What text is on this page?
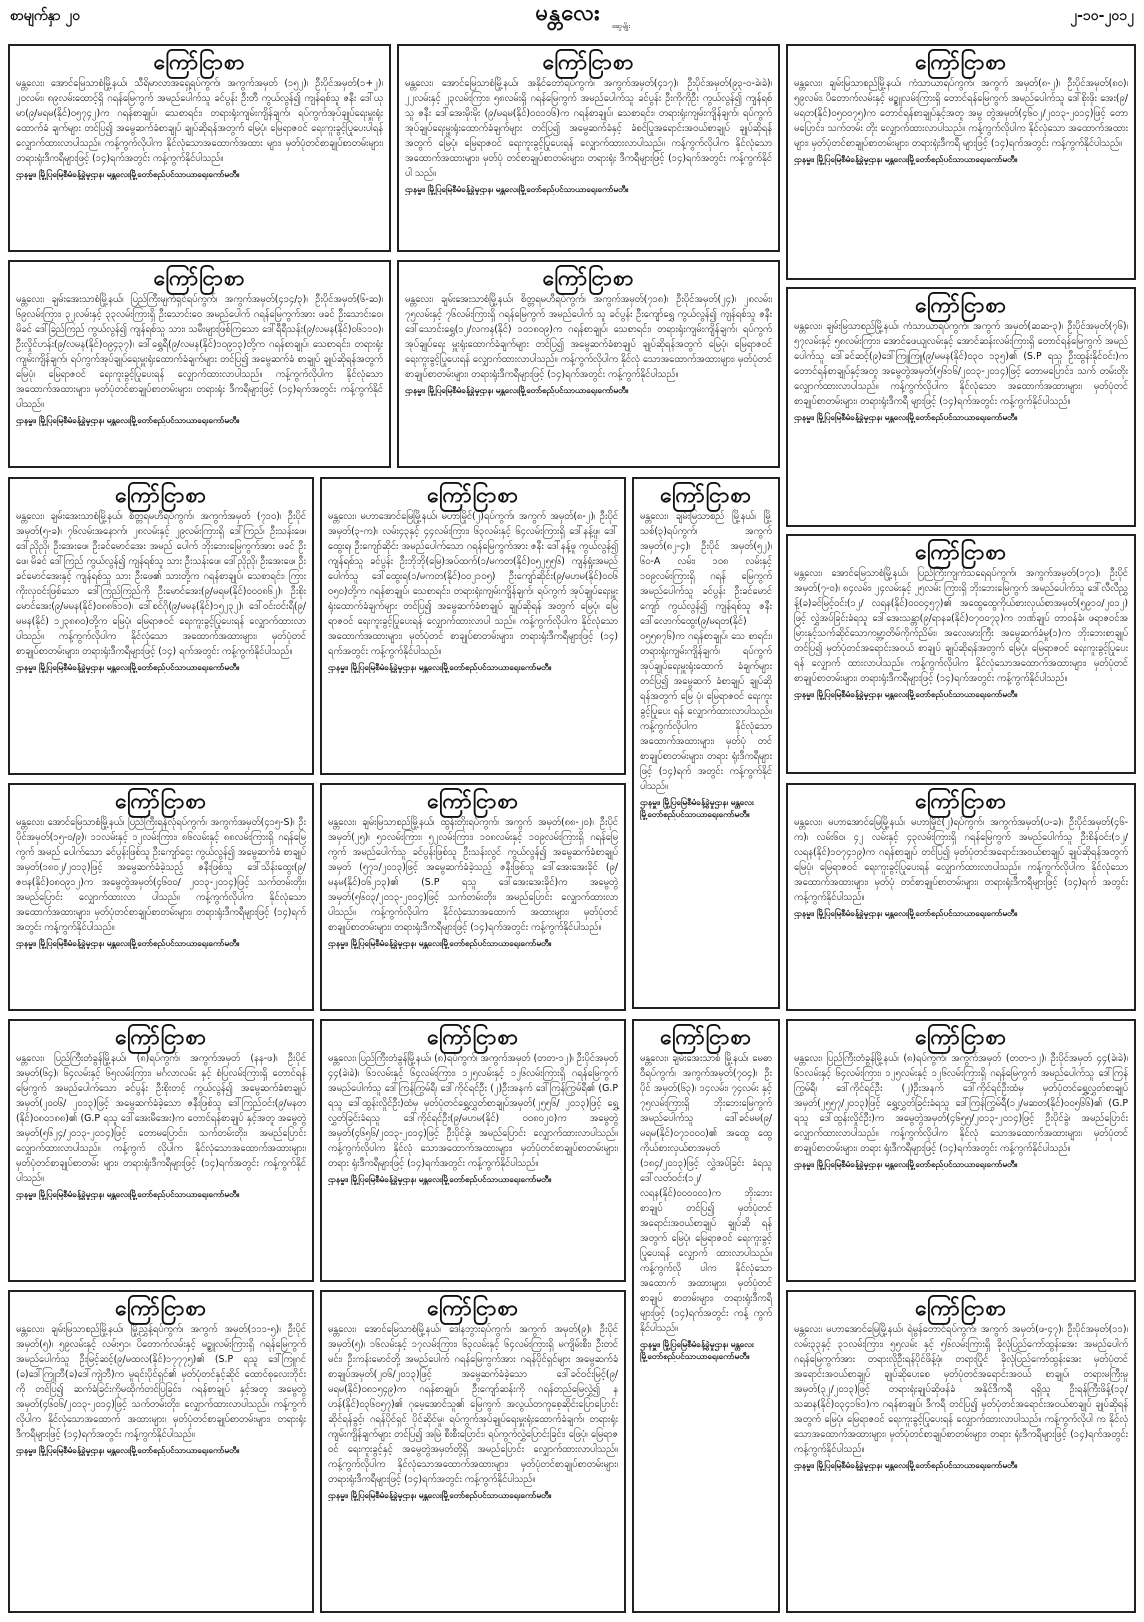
စာမျက်နှာ ၂၀	မန္တလေး	ဆွေမျိုး
၂-၁၀-၂၀၁၂
ကြော်ငြာစာ
မန္တလေး၊ အောင်မြေသာစံမြို့နယ်၊ သီရိမာလာအရှေ့ရပ်ကွက်၊ အကွက်အမှတ် (၁၅၂)၊ ဦးပိုင်အမှတ်(၁+၂)၊ ၂၀လမ်း၊ ၈၉လမ်းထောင့်ရှိ ဂရန်မြေကွက် အမည်ပေါက်သူ ခင်ပွန်း ဦးတီ ကွယ်လွန်၍ ကျန်ရစ်သူ ဇနီး ဒေါ်ယုမာ(၉/မရမ(နိုင်)၀၅၇၄၂)က ဂရန်စာချုပ်၊ သေစာရင်း၊ တရားရုံးကျမ်းကျိန်ချက်၊ ရပ်ကွက်အုပ်ချုပ်ရေးမှူးရုံးထောက်ခံ ချက်များ တင်ပြ၍ အမွေဆက်ခံစာချုပ် ချုပ်ဆိုရန်အတွက် မြေပုံ၊ မြေရာဇဝင် ရေးကူးခွင့်ပြုပေးပါရန် လျှောက်ထားလာပါသည်။ ကန့်ကွက်လိုပါက နိုင်လုံသောအထောက်အထား များ၊ မှတ်ပုံတင်စာချုပ်စာတမ်းများ၊ တရားရုံးဒီကရီများဖြင့် (၁၄)ရက်အတွင်း ကန့်ကွက်နိုင်ပါသည်။
ဌာနမှူး၊ မြို့ပြမြေစီမံခန့်ခွဲမှုဌာန၊ မန္တလေးမြို့တော်စည်ပင်သာယာရေးကော်မတီ။
ကြော်ငြာစာ
မန္တလေး၊ အောင်မြေသာစံမြို့နယ်၊ အနိုင်တော်ရပ်ကွက်၊ အကွက်အမှတ်(၄၁၇)၊ ဦးပိုင်အမှတ်(၉၃-ဝ-ခဲ၊ခဲ)၊ ၂၂လမ်းနှင့် ၂၃လမ်းကြား၊ ၅၈လမ်းရှိ ဂရန်မြေကွက် အမည်ပေါက်သူ ခင်ပွန်း ဦးကိုကိုဦး ကွယ်လွန်၍ ကျန်ရစ်သူ ဇနီး ဒေါ်အေးမိုးမိုး (၉/မရမ(နိုင်)၀၀၁၀၆)က ဂရန်စာချုပ်၊ သေစာရင်း၊ တရားရုံးကျမ်းကျိန်ချက်၊ ရပ်ကွက်အုပ်ချုပ်ရေးမှူးရုံးထောက်ခံချက်များ တင်ပြ၍ အမွေဆက်ခံနှင့် ခံစင်ပြုအရောင်းအဝယ်စာချုပ် ချုပ်ဆိုရန်အတွက် မြေပုံ၊ မြေရာဇဝင် ရေးကူးခွင့်ပြုပေးရန် လျှောက်ထားလာပါသည်။ ကန့်ကွက်လိုပါက နိုင်လုံသောအထောက်အထားများ၊ မှတ်ပုံ တင်စာချုပ်စာတမ်းများ၊ တရားရုံး ဒီကရီများဖြင့် (၁၄)ရက်အတွင်း ကန့်ကွက်နိုင်ပါ သည်။
ဌာနမှူး၊ မြို့ပြမြေစီမံခန့်ခွဲမှုဌာန၊ မန္တလေးမြို့တော်စည်ပင်သာယာရေးကော်မတီ။
ကြော်ငြာစာ
မန္တလေး၊ ချမ်းမြသာစည်မြို့နယ်၊ ကံသာယာရပ်ကွက်၊ အကွက် အမှတ်(၈-၂)၊ ဦးပိုင်အမှတ်(၈၀)၊ ၅၉လမ်း၊ ပိတောက်လမ်းနှင့် မဥ္စူလမ်းကြားရှိ တောင်ရန်မြေကွက် အမည်ပေါက်သူ ဒေါ်စိုးဖိုး အေး(၉/မရတ(နိုင်)၀၅၀၀၇၅)က တောင်ရန်စာချုပ်နှင့်အတူ အမွ တွဲအမှတ်(၄၆၀၂/၂၀၁၃-၂၀၁၄)ဖြင့် တောမပြောင်း၊ သက်တမ်း တိုး လျှောက်ထားလာပါသည်။ ကန့်ကွက်လိုပါက နိုင်လုံသော အထောက်အထားများ၊ မှတ်ပုံတင်စာချုပ်စာတမ်းများ၊ တရားရုံးဒီကရီ များဖြင့် (၁၄)ရက်အတွင်း ကန့်ကွက်နိုင်ပါသည်။
ဌာနမှူး၊ မြို့ပြမြေစီမံခန့်ခွဲမှုဌာန၊ မန္တလေးမြို့တော်စည်ပင်သာယာရေးကော်မတီ။
ကြော်ငြာစာ
မန္တလေး၊ ချမ်းအေးသာစံမြို့နယ်၊ ပြည်ကြီးမျက်ရှင်ရပ်ကွက်၊ အကွက်အမှတ်(၄၁၄/၃)၊ ဦးပိုင်အမှတ်(၆-ဆ)၊ ၆၉လမ်းကြား၊ ၃၂လမ်းနှင့် ၃၃လမ်းကြားရှိ ဦးသောင်းဝေ အမည်ပေါက် ဂရန်မြေကွက်အား ဖခင် ဦးသောင်းဝေ၊ မိခင် ဒေါ်ခြည်ကြည် ကွယ်လွန်၍ ကျန်ရစ်သူ သား၊ သမီးများဖြစ်ကြသော ဒေါ်ရီရီသန်း(၉/လမန(နိုင်)၀၆၁၁၀)၊ ဦးလှိုင်ဟန်း(၉/လမန(နိုင်)၀၉၄၃၇)၊ ဒေါ်ရွှေရီ(၉/လမန(နိုင်)၁၀၉၁၃)တို့က ဂရန်စာချုပ်၊ သေစာရင်း၊ တရားရုံးကျမ်းကျိန်ချက်၊ ရပ်ကွက်အုပ်ချုပ်ရေးမှူးရုံးထောက်ခံချက်များ တင်ပြ၍ အမွေဆက်ခံ စာချုပ် ချုပ်ဆိုရန်အတွက် မြေပုံ၊ မြေရာဇဝင် ရေးကူးခွင့်ပြုပေးရန် လျှောက်ထားလာပါသည်။ ကန့်ကွက်လိုပါက နိုင်လုံသောအထောက်အထားများ၊ မှတ်ပုံတင်စာချုပ်စာတမ်းများ၊ တရားရုံး ဒီကရီများဖြင့် (၁၄)ရက်အတွင်း ကန့်ကွက်နိုင်ပါသည်။
ဌာနမှူး၊ မြို့ပြမြေစီမံခန့်ခွဲမှုဌာန၊ မန္တလေးမြို့တော်စည်ပင်သာယာရေးကော်မတီ။
ကြော်ငြာစာ
မန္တလေး၊ ချမ်းအေးသာစံမြို့နယ်၊ စိတ္တရမဟီရပ်ကွက်၊ အကွက်အမှတ်(၇၁၈)၊ ဦးပိုင်အမှတ်(၂၄)၊ ၂၈လမ်း၊ ၇၅လမ်းနှင့် ၇၆လမ်းကြားရှိ ဂရန်မြေကွက် အမည်ပေါက် သူ ခင်ပွန်း ဦးကျော်ရွှေ ကွယ်လွန်၍ ကျန်ရစ်သူ ဇနီး ဒေါ်သောင်းရွှေ(၁၂/လကန(နိုင်) ၁၀၁၈၀၉)က ဂရန်စာချုပ်၊ သေစာရင်း၊ တရားရုံးကျမ်းကျိန်ချက်၊ ရပ်ကွက်အုပ်ချုပ်ရေး မှူးရုံးထောက်ခံချက်များ တင်ပြ၍ အမွေဆက်ခံစာချုပ် ချုပ်ဆိုရန်အတွက် မြေပုံ၊ မြေရာဇဝင် ရေးကူးခွင့်ပြုပေးရန် လျှောက်ထားလာပါသည်။ ကန့်ကွက်လိုပါက နိုင်လုံ သောအထောက်အထားများ၊ မှတ်ပုံတင်စာချုပ်စာတမ်းများ၊ တရားရုံးဒီကရီများဖြင့် (၁၄)ရက်အတွင်း ကန့်ကွက်နိုင်ပါသည်။
ဌာနမှူး၊ မြို့ပြမြေစီမံခန့်ခွဲမှုဌာန၊ မန္တလေးမြို့တော်စည်ပင်သာယာရေးကော်မတီ။
ကြော်ငြာစာ
မန္တလေး၊ ချမ်းမြသာစည်မြို့နယ်၊ ကံသာယာရပ်ကွက်၊ အကွက် အမှတ်(ဆဆ-၃)၊ ဦးပိုင်အမှတ်(၇၆)၊ ၅၇လမ်းနှင့် ၅၈လမ်းကြား၊ အောင်ဖေယျလမ်းနှင့် အောင်ဆန်းလမ်းကြားရှိ တောင်ရန်မြေကွက် အမည်ပေါက်သူ ဒေါ်ခင်ဆင့်(၉)ဒေါ်ကြူကြူ(၉/မမန(နိုင်)၀၃၀ ၁၃၅)၏ (S.P ရသူ ဦးထွန်းနိုင်ဝင်း)က တောင်ရန်စာချုပ်နှင့်အတူ အမွေတွဲအမှတ်(၅၆၁၆/၂၀၁၃-၂၀၁၄)ဖြင့် တောမပြောင်း၊ သက် တမ်းတိုး လျှောက်ထားလာပါသည်။ ကန့်ကွက်လိုပါက နိုင်လုံသော အထောက်အထားများ၊ မှတ်ပုံတင်စာချုပ်စာတမ်းများ၊ တရားရုံးဒီကရီ များဖြင့် (၁၄)ရက်အတွင်း ကန့်ကွက်နိုင်ပါသည်။
ဌာနမှူး၊ မြို့ပြမြေစီမံခန့်ခွဲမှုဌာန၊ မန္တလေးမြို့တော်စည်ပင်သာယာရေးကော်မတီ။
ကြော်ငြာစာ
မန္တလေး၊ ချမ်းအေးသာစံမြို့နယ်၊ စိတ္တရမဟီရပ်ကွက်၊ အကွက်အမှတ် (၇၁၀)၊ ဦးပိုင်အမှတ်(၅-ခ)၊ ၇၆လမ်းအနောက်၊ ၂၈လမ်းနှင့် ၂၉လမ်းကြားရှိ ဒေါ်ကြည်၊ ဦးသန်းဖေ၊ ဒေါ်ညိုညို၊ ဦးအေးဖေ၊ ဦးခင်မောင်အေး အမည် ပေါက် ဘိုးဘေးမြေကွက်အား ဖခင် ဦးဖေ၊ မိခင် ဒေါ်ကြည် ကွယ်လွန်၍ ကျန်ရစ်သူ သား ဦးသန်းဖေ၊ ဒေါ်ညိုညို၊ ဦးအေးဖေ၊ ဦးခင်မောင်အေးနှင့် ကျန်ရစ်သူ သား ဦးဖေ၏ သားတို့က ဂရန်စာချုပ်၊ သေစာရင်း၊ ကြားကိုးလှဝင်းဖြစ်သော ဒေါ်ကြည်ကြည်ကို ဦးမောင်အေး(၉/မရမ(နိုင်)၀၀၀၈၆၂)၊ ဦးစိုးမောင်အေး(၉/မမန(နိုင်)၀၈၈၆၁၀)၊ ဒေါ်စင်ဂို(၉/မမန(နိုင်)၁၅၂၃၂)၊ ဒေါ်ဝင်းဝင်းရီ(၉/မမန(နိုင်) ၁၂၃၈၈၀)တို့က မြေပုံ၊ မြေရာဇဝင် ရေးကူးခွင့်ပြုပေးရန် လျှောက်ထားလာပါသည်။ ကန့်ကွက်လိုပါက နိုင်လုံသော အထောက်အထားများ၊ မှတ်ပုံတင်စာချုပ်စာတမ်းများ၊ တရားရုံးဒီကရီများဖြင့် (၁၄) ရက်အတွင်း ကန့်ကွက်နိုင်ပါသည်။
ဌာနမှူး၊ မြို့ပြမြေစီမံခန့်ခွဲမှုဌာန၊ မန္တလေးမြို့တော်စည်ပင်သာယာရေးကော်မတီ။
ကြော်ငြာစာ
မန္တလေး၊ မဟာအောင်မြေမြို့နယ်၊ မဟာမြိုင်(၂)ရပ်ကွက်၊ အကွက် အမှတ်(၈-၂)၊ ဦးပိုင်အမှတ်(၃-က)၊ လမ်း၄၃နှင့် ၄၄လမ်းကြား၊ ၆၃လမ်းနှင့် ၆၄လမ်းကြားရှိ ဒေါ်နန့်ဖူ၊ ဒေါ်ထွေးရ၊ ဦးကျော်ဆိုင်း အမည်ပေါက်သော ဂရန်မြေကွက်အား ဇနီး ဒေါ်နန့်ဖူ ကွယ်လွန်၍ ကျန်ရစ်သူ ခင်ပွန်း ဦးဘိုဘို(မြေ)အပ်ထက်(၁/မကတ(နိုင်)၀၅၂၅၅၆) ကျန်ရှုံးအမည်ပေါက်သူ ဒေါ်ထွေးရ(၁/မကတ(နိုင်)၀၀၂၁၀၅) ဦးကျော်ဆိုင်း(၉/မဟမ(နိုင်)၀၀၆ ၀၅၀)တို့က ဂရန်စာချုပ်၊ သေစာရင်း၊ တရားရုံးကျမ်းကျိန်ချက်၊ ရပ်ကွက် အုပ်ချုပ်ရေးမှူးရုံးထောက်ခံချက်များ တင်ပြ၍ အမွေဆက်ခံစာချုပ် ချုပ်ဆိုရန် အတွက် မြေပုံ၊ မြေ ရာဇဝင် ရေးကူးခွင့်ပြုပေးရန် လျှောက်ထားလာပါ သည်။ ကန့်ကွက်လိုပါက နိုင်လုံသောအထောက်အထားများ၊ မှတ်ပုံတင် စာချုပ်စာတမ်းများ၊ တရားရုံးဒီကရီများဖြင့် (၁၄) ရက်အတွင်း ကန့်ကွက်နိုင်ပါသည်။
ဌာနမှူး၊ မြို့ပြမြေစီမံခန့်ခွဲမှုဌာန၊ မန္တလေးမြို့တော်စည်ပင်သာယာရေးကော်မတီ။
ကြော်ငြာစာ
မန္တလေး၊ ချမ်းမြသာစည် မြို့နယ်၊ မြို့သစ်(၃)ရပ်ကွက်၊ အကွက်အမှတ်(၈၂-၄)၊ ဦးပိုင် အမှတ်(၅၂)၊ ၆၀-A လမ်း၊ ၁၀၈ လမ်းနှင့် ၁၀၉လမ်းကြားရှိ ဂရန် မြေကွက် အမည်ပေါက်သူ ခင်ပွန်း ဦးခင်မောင်ကျော် ကွယ်လွန်၍ ကျန်ရစ်သူ ဇနီး ဒေါ်လောက်ထွေး(၉/မရတ(နိုင်) ၀၅၅၈၇၆)က ဂရန်စာချုပ်၊ သေ စာရင်း၊ တရားရုံးကျမ်းကျိန်ချက်၊ ရပ်ကွက်အုပ်ချုပ်ရေးမှူးရုံးထောက် ခံချက်များ တင်ပြ၍ အမွေဆက် ခံစာချုပ် ချုပ်ဆိုရန်အတွက် မြေ ပုံ၊ မြေရာဇဝင် ရေးကူးခွင့်ပြုပေး ရန် လျှောက်ထားလာပါသည်။ ကန့်ကွက်လိုပါက နိုင်လုံသော အထောက်အထားများ၊ မှတ်ပုံ တင်စာချုပ်စာတမ်းများ၊ တရား ရုံးဒီကရီများဖြင့် (၁၄)ရက် အတွင်း ကန့်ကွက်နိုင်ပါသည်။
ဌာနမှူး၊ မြို့ပြမြေစီမံခန့်ခွဲမှုဌာန၊ မန္တလေးမြို့တော်စည်ပင်သာယာရေးကော်မတီ။
ကြော်ငြာစာ
မန္တလေး၊ အောင်မြေသာစံမြို့နယ်၊ ပြည်ကြီးကျက်သရေရပ်ကွက်၊ အကွက်အမှတ်(၁၇၁)၊ ဦးပိုင်အမှတ်(၇-ဝ)၊ ၈၄လမ်း၊ ၂၄လမ်းနှင့် ၂၅လမ်း ကြားရှိ ဘိုးဘေးမြေကွက် အမည်ပေါက်သူ ဒေါ်လီလီညွှန့်(ခ)ခင်မြင့်ဝင်း(၁၂/ လရန(နိုင်)၀၀၀၄၅၇)၏ အထွေထွေကိုယ်စားလှယ်စာအမှတ်(၅၉၁၀/၂၀၁၂) ဖြင့် လွှဲအပ်ခြင်းခံရသူ ဒေါ်အေးသန္တာ(၉/ရာနခ(နိုင်)၀၇၀၀၇၃)က ဘဏ်ချုပ် တာဝန်ခံ၊ ဖရာဇဝင်အမြားနှင့်သက်ဆိုင်သောကမ္ဘာ့တိမ်ကိုက်ညိမ်း၊ အလေးမားကြီး အမွေဆက်ခံမှု(၁)က ဘိုးဘေးစာချုပ် တင်ပြ၍ မှတ်ပုံတင်အရောင်းအဝယ် စာချုပ် ချုပ်ဆိုရန်အတွက် မြေပုံ၊ မြေရာဇဝင် ရေးကူးခွင့်ပြုပေးရန် လျှောက် ထားလာပါသည်။ ကန့်ကွက်လိုပါက နိုင်လုံသောအထောက်အထားများ၊ မှတ်ပုံတင်စာချုပ်စာတမ်းများ၊ တရားရုံးဒီကရီများဖြင့် (၁၄)ရက်အတွင်း ကန့်ကွက်နိုင်ပါသည်။
ဌာနမှူး၊ မြို့ပြမြေစီမံခန့်ခွဲမှုဌာန၊ မန္တလေးမြို့တော်စည်ပင်သာယာရေးကော်မတီ။
ကြော်ငြာစာ
မန္တလေး၊ အောင်မြေသာစံမြို့နယ်၊ ပြည်ကြီးရန်လုံရပ်ကွက်၊ အကွက်အမှတ်(၄၁၅-S)၊ ဦးပိုင်အမှတ်(၁၅-ဝ/၉)၊ ၁၁လမ်းနှင့် ၁၂လမ်းကြား၊ ၈၆လမ်းနှင့် ၈၈လမ်းကြားရှိ ဂရန်မြေကွက် အမည် ပေါက်သော ခင်ပွန်းဖြစ်သူ ဦးကျော်ငွေး ကွယ်လွန်၍ အမွေဆက်ခံ စာချုပ်အမှတ်(၁၈၀၂/၂၀၁၃)ဖြင့် အမွေဆက်ခံခဲ့သည့် ဇနီးဖြစ်သူ ဒေါ်သိန်းထွေး(၉/ဇဗန(နိုင်)၀၈၀၉၁၂)က အမွေတွဲအမှတ်(၄၆၀၀/ ၂၀၁၃-၂၀၁၄)ဖြင့် သက်တမ်းတိုး၊ အမည်ပြောင်း လျှောက်ထားလာ ပါသည်။ ကန့်ကွက်လိုပါက နိုင်လုံသောအထောက်အထားများ၊ မှတ်ပုံတင်စာချုပ်စာတမ်းများ၊ တရားရုံးဒီကရီများဖြင့် (၁၄)ရက်အတွင်း ကန့်ကွက်နိုင်ပါသည်။
ဌာနမှူး၊ မြို့ပြမြေစီမံခန့်ခွဲမှုဌာန၊ မန္တလေးမြို့တော်စည်ပင်သာယာရေးကော်မတီ။
ကြော်ငြာစာ
မန္တလေး၊ ချမ်းမြသာစည်မြို့နယ်၊ ထွန်းတိုးရပ်ကွက်၊ အကွက် အမှတ်(၈၈-၂၀)၊ ဦးပိုင်အမှတ်(၂၅)၊ ၅၁လမ်းကြား၊ ၅၂လမ်းကြား၊ ၁၀၈လမ်းနှင့် ၁၀၉လမ်းကြားရှိ ဂရန်မြေကွက် အမည်ပေါက်သူ ခင်ပွန်းဖြစ်သူ ဦးသန်းလွင် ကွယ်လွန်၍ အမွေဆက်ခံစာချုပ်အမှတ် (၅၇၁/၂၀၁၃)ဖြင့် အမွေဆက်ခံခဲ့သည့် ဇနီးဖြစ်သူ ဒေါ်အေးအေးခိုင် (၉/မနမ(နိုင်)၀၆၂၁၃)၏ (S.P ရသူ ဒေါ်အေးအေးခိုင်)က အမွေတွဲ အမှတ်(၅၆၀၃/၂၀၁၃-၂၀၁၄)ဖြင့် သက်တမ်းတိုး၊ အမည်ပြောင်း လျှောက်ထားလာပါသည်။ ကန့်ကွက်လိုပါက နိုင်လုံသောအထောက် အထားများ၊ မှတ်ပုံတင်စာချုပ်စာတမ်းများ၊ တရားရုံးဒီကရီများဖြင့် (၁၄)ရက်အတွင်း ကန့်ကွက်နိုင်ပါသည်။
ဌာနမှူး၊ မြို့ပြမြေစီမံခန့်ခွဲမှုဌာန၊ မန္တလေးမြို့တော်စည်ပင်သာယာရေးကော်မတီ။
ကြော်ငြာစာ
မန္တလေး၊ မဟာအောင်မြေမြို့နယ်၊ မဟာမြိုင်(၂)ရပ်ကွက်၊ အကွက်အမှတ်(ပ-ခ)၊ ဦးပိုင်အမှတ်(၄၆-က)၊ လမ်း၆၀၊ ၄၂ လမ်းနှင့် ၄၃လမ်းကြားရှိ ဂရန်မြေကွက် အမည်ပေါက်သူ ဦးစိန်ဝင်း(၁၂/လရန(နိုင်)၁၀၇၄၁၉)က ဂရန်စာချုပ် တင်ပြ၍ မှတ်ပုံတင်အရောင်းအဝယ်စာချုပ် ချုပ်ဆိုရန်အတွက် မြေပုံ၊ မြေရာဇဝင် ရေးကူးခွင့်ပြုပေးရန် လျှောက်ထားလာပါသည်။ ကန့်ကွက်လိုပါက နိုင်လုံသောအထောက်အထားများ၊ မှတ်ပုံ တင်စာချုပ်စာတမ်းများ၊ တရားရုံးဒီကရီများဖြင့် (၁၄)ရက် အတွင်း ကန့်ကွက်နိုင်ပါသည်။
ဌာနမှူး၊ မြို့ပြမြေစီမံခန့်ခွဲမှုဌာန၊ မန္တလေးမြို့တော်စည်ပင်သာယာရေးကော်မတီ။
ကြော်ငြာစာ
မန္တလေး၊ ပြည်ကြီးတံခွန်မြို့နယ်၊ (၈)ရပ်ကွက်၊ အကွက်အမှတ် (နန-ဖ)၊ ဦးပိုင်အမှတ်(၆၄)၊ ၆၄လမ်းနှင့် ၆၅လမ်းကြား၊ မင်္ဂလာလမ်း နှင့် စံပြလမ်းကြားရှိ တောင်ရန်မြေကွက် အမည်ပေါက်သော ခင်ပွန်း ဦးစိုးတင့် ကွယ်လွန်၍ အမွေဆက်ခံစာချုပ်အမှတ်(၂၀၀၆/ ၂၀၁၃)ဖြင့် အမွေဆက်ခံခဲ့သော ဇနီးဖြစ်သူ ဒေါ်ကြည်ဝင်း(၉/မနတ (နိုင်)၀၈၀၁၈၈)၏ (G.P ရသူ ဒေါ်အေးမီအေး)က တောင်ရန်စာချုပ် နှင့်အတူ အမွေတွဲအမှတ်(၅၆၂၄/၂၀၁၃-၂၀၁၄)ဖြင့် တောမပြောင်း၊ သက်တမ်းတိုး၊ အမည်ပြောင်း လျှောက်ထားလာပါသည်။ ကန့်ကွက် လိုပါက နိုင်လုံသောအထောက်အထားများ၊ မှတ်ပုံတင်စာချုပ်စာတမ်း များ၊ တရားရုံးဒီကရီများဖြင့် (၁၄)ရက်အတွင်း ကန့်ကွက်နိုင် ပါသည်။
ဌာနမှူး၊ မြို့ပြမြေစီမံခန့်ခွဲမှုဌာန၊ မန္တလေးမြို့တော်စည်ပင်သာယာရေးကော်မတီ။
ကြော်ငြာစာ
မန္တလေး၊ ပြည်ကြီးတံခွန်မြို့နယ်၊ (၈)ရပ်ကွက်၊ အကွက်အမှတ် (တတ-၁၂)၊ ဦးပိုင်အမှတ် ၄၄(ခဲ၊ခဲ)၊ ၆၁လမ်းနှင့် ၆၄လမ်းကြား၊ ၁၂၅လမ်းနှင့် ၁၂၆လမ်းကြားရှိ ဂရန်မြေကွက် အမည်ပေါက်သူ ဒေါ်ကြန်ကြွမ်ရီ၊ ဒေါ်ကိုင်ရင်ဦး (၂)ဦးအနက် ဒေါ်ကြန်ကြွမ်ရီ၏ (G.P ရသူ ဒေါ်ထွန်းလှိုင်ဦး)ထံမှ မှတ်ပုံတင်ရွှေ့လွှတ်စာချုပ်အမှတ်(၂၅၅၆/ ၂၀၁၃)ဖြင့် ရွှေ့လွှတ်ခြင်းခံရသူ ဒေါ်ကိုင်ရင်ဦး(၉/မဟမ(နိုင်) ၀၀၈၀၂၀)က အမွေတွဲအမှတ်(၄၆၅၆/၂၀၁၃-၂၀၁၄)ဖြင့် ဦးပိုင်ခွဲ၊ အမည်ပြောင်း လျှောက်ထားလာပါသည်။ ကန့်ကွက်လိုပါက နိုင်လုံ သောအထောက်အထားများ၊ မှတ်ပုံတင်စာချုပ်စာတမ်းများ၊ တရား ရုံးဒီကရီများဖြင့် (၁၄)ရက်အတွင်း ကန့်ကွက်နိုင်ပါသည်။
ဌာနမှူး၊ မြို့ပြမြေစီမံခန့်ခွဲမှုဌာန၊ မန္တလေးမြို့တော်စည်ပင်သာယာရေးကော်မတီ။
ကြော်ငြာစာ
မန္တလေး၊ ချမ်းအေးသာစံ မြို့နယ်၊ မေဓာဝီရပ်ကွက်၊ အကွက်အမှတ်(၇၀၄)၊ ဦးပိုင် အမှတ်(၆၃)၊ ၁၄လမ်း၊ ၇၄လမ်း နှင့် ၇၅လမ်းကြားရှိ ဘိုးဘေးမြေကွက် အမည်ပေါက်သူ ဒေါ်ခင်မမ(၉/ မရမ(နိုင်)၀၇၁၀၀၀)၏ အထွေ ထွေကိုယ်စားလှယ်စာအမှတ် (၁၈၄/၂၀၁၃)ဖြင့် လွှဲအပ်ခြင်း ခံရသူ ဒေါ်လတ်ဝင်း(၁၂/ လရန(နိုင်)၀၀၀၀၀၁)က ဘိုးဘေး စာချုပ် တင်ပြ၍ မှတ်ပုံတင် အရောင်းအဝယ်စာချုပ် ချုပ်ဆို ရန်အတွက် မြေပုံ၊ မြေရာဇဝင် ရေးကူးခွင့်ပြုပေးရန် လျှောက် ထားလာပါသည်။ ကန့်ကွက်လို ပါက နိုင်လုံသောအထောက် အထားများ၊ မှတ်ပုံတင်စာချုပ် စာတမ်းများ၊ တရားရုံးဒီကရီ များဖြင့် (၁၄)ရက်အတွင်း ကန့် ကွက်နိုင်ပါသည်။
ဌာနမှူး၊ မြို့ပြမြေစီမံခန့်ခွဲမှုဌာန၊ မန္တလေးမြို့တော်စည်ပင်သာယာရေးကော်မတီ။
ကြော်ငြာစာ
မန္တလေး၊ ပြည်ကြီးတံခွန်မြို့နယ်၊ (၈)ရပ်ကွက်၊ အကွက်အမှတ် (တတ-၁၂)၊ ဦးပိုင်အမှတ် ၄၄(ခဲ၊ခဲ)၊ ၆၁လမ်းနှင့် ၆၄လမ်းကြား၊ ၁၂၅လမ်းနှင့် ၁၂၆လမ်းကြားရှိ ဂရန်မြေကွက် အမည်ပေါက်သူ ဒေါ်ကြန်ကြွမ်ရီ၊ ဒေါ်ကိုင်ရင်ဦး (၂)ဦးအနက် ဒေါ်ကိုင်ရင်ဦးထံမှ မှတ်ပုံတင်ရွှေ့လွှတ်စာချုပ်အမှတ်(၂၅၅၇/၂၀၁၃)ဖြင့် ရွှေ့လွှတ်ခြင်းခံရသူ ဒေါ်ကြန်ကြွမ်ရီ(၁၂/မဆတ(နိုင်)၀၀၅၆၆)၏ (G.P ရသူ ဒေါ်ထွန်းလှိုင်ဦး)က အမွေတွဲအမှတ်(၄၆၅၅/၂၀၁၃-၂၀၁၄)ဖြင့် ဦးပိုင်ခွဲ၊ အမည်ပြောင်း လျှောက်ထားလာပါသည်။ ကန့်ကွက်လိုပါက နိုင်လုံ သောအထောက်အထားများ၊ မှတ်ပုံတင်စာချုပ်စာတမ်းများ၊ တရား ရုံးဒီကရီများဖြင့် (၁၄)ရက်အတွင်း ကန့်ကွက်နိုင်ပါသည်။
ဌာနမှူး၊ မြို့ပြမြေစီမံခန့်ခွဲမှုဌာန၊ မန္တလေးမြို့တော်စည်ပင်သာယာရေးကော်မတီ။
ကြော်ငြာစာ
မန္တလေး၊ ချမ်းမြသာစည်မြို့နယ်၊ မြို့ညွှန့်ရပ်ကွက်၊ အကွက် အမှတ်(၁၁၁-၅)၊ ဦးပိုင်အမှတ်(၅)၊ ၅၉လမ်းနှင့် လမ်း၅၁၊ ပိတောက်လမ်းနှင့် မဥ္စူလမ်းကြားရှိ ဂရန်မြေကွက် အမည်ပေါက်သူ ဦးမြင့်ဆင့်(၉/မထလ(နိုင်)၁၇၇၇၅)၏ (S.P ရသူ ဒေါ်ကြူဂင် (ခ)ဒေါ်ကြူဘီ(ခ)ဒေါ်ကျဲဘီ)က မူရင်းပိုင်ရှင်၏ မှတ်ပုံတင်နှင့်ဆိုင် ထောင်စုလေးဘိုင်းကို တင်ပြ၍ ဆက်ခံခြင်းကိုမထိုက်တင်ပြခြင်း၊ ဂရန်စာချုပ် နှင့်အတူ အမွေတွဲအမှတ်(၄၆၀၆/၂၀၁၃-၂၀၁၄)ဖြင့် သက်တမ်းတိုး၊ လျှောက်ထားလာပါသည်။ ကန့်ကွက်လိုပါက နိုင်လုံသောအထောက် အထားများ၊ မှတ်ပုံတင်စာချုပ်စာတမ်းများ၊ တရားရုံးဒီကရီများဖြင့် (၁၄)ရက်အတွင်း ကန့်ကွက်နိုင်ပါသည်။
ဌာနမှူး၊ မြို့ပြမြေစီမံခန့်ခွဲမှုဌာန၊ မန္တလေးမြို့တော်စည်ပင်သာယာရေးကော်မတီ။
ကြော်ငြာစာ
မန္တလေး၊ အောင်မြေသာစံမြို့နယ်၊ ဒေါနဘွားရပ်ကွက်၊ အကွက် အမှတ်(၉)၊ ဦးပိုင်အမှတ်(၅)၊ ၁၆လမ်းနှင့် ၁၇လမ်းကြား၊ ၆၃လမ်းနှင့် ၆၄လမ်းကြားရှိ မကျိမ်းစီး၊ ဦးတင်မင်း၊ ဦးကန်းမောင်တို့ အမည်ပေါက် ဂရန်မြေကွက်အား ဂရန်ပိုင်ရှင်များ အမွေဆက်ခံစာချုပ်အမှတ်(၂၀၆/၂၀၁၃)ဖြင့် အမွေဆက်ခံခဲ့သော ဒေါ်ခင်ဝင်းမြင့်(၉/မရမ(နိုင်)၀၈၁၅၄၉)က ဂရန်စာချုပ်၊ ဦးကျော်ဆန်းကို ဂရန်တည်မြေလွှဲ၍ နဟန်(နိုင်)၀၃၆၀၅၇)၏ ဂုမေ့အောင်သူ၏ မြေကွက် အလွယ်တကူစေ့ဆိုင်းပြောပြောင်းဆိုင်ရန်ခွင့်၊ ဂရန်ပိုင်ရှင် ပိုင်ဆိုင်မှု၊ ရပ်ကွက်အုပ်ချုပ်ရေးမှူးရုံးထောက်ခံချက်၊ တရားရုံးကျမ်းကျိန်ချက်များ တင်ပြ၍ အမြဲ စီးစီးပြောင်း၊ ရပ်ကွက်လွှဲပြောင်းခြင်း၊ ဖြေပုံ၊ မြေရာဇဝင် ရေးကူးခွင့်နှင့် အမွေတွဲအမှတ်တို့ရှိ အမည်ပြောင်း လျှောက်ထားလာပါသည်။ ကန့်ကွက်လိုပါက နိုင်လုံသောအထောက်အထားများ၊ မှတ်ပုံတင်စာချုပ်စာတမ်းများ၊ တရားရုံးဒီကရီများဖြင့် (၁၄)ရက်အတွင်း ကန့်ကွက်နိုင်ပါသည်။
ဌာနမှူး၊ မြို့ပြမြေစီမံခန့်ခွဲမှုဌာန၊ မန္တလေးမြို့တော်စည်ပင်သာယာရေးကော်မတီ။
ကြော်ငြာစာ
မန္တလေး၊ မဟာအောင်မြေမြို့နယ်၊ ရဲမွန်တောင်ရပ်ကွက်၊ အကွက် အမှတ်(ဖ-၄၇)၊ ဦးပိုင်အမှတ်(၁၁)၊ လမ်း၃၃နှင့် ၃၁လမ်းကြား၊ ၅၅လမ်း နှင့် ၅၆လမ်းကြားရှိ ခိုလုံပြည်ကော်ထွန်းအေး အမည်ပေါက်ဂရန်မြေကွက်အား တရားလိုဦးရန်ပိုင်ဖိန့်ဖုံ၊ တရားပြိုင် ခိုလုံပြည်ကော်ထွန်းအေး မှတ်ပုံတင် အရောင်းအဝယ်စာချုပ် ချုပ်ဆိုပေးစေ မှတ်ပုံတင်အရောင်းအဝယ် စာချုပ်၊ တရားမကြီးမှုအမှတ်(၃၂/၂၀၁၃)ဖြင့် တရားရုံးချုပ်ဆိုဖန်ခံ အနိုင်ဒီကရီ ရရှိသူ ဦးရန်ကြီးဖိန့်(၁၃/သဆန(နိုင်)၀၃၄၁၆၁)က ဂရန်စာချုပ်၊ ဒီကရီ တင်ပြ၍ မှတ်ပုံတင်အရောင်းအဝယ်စာချုပ် ချုပ်ဆိုရန်အတွက် မြေပုံ၊ မြေရာဇဝင် ရေးကူးခွင့်ပြုပေးရန် လျှောက်ထားလာပါသည်။ ကန့်ကွက်လိုပါ က နိုင်လုံသောအထောက်အထားများ၊ မှတ်ပုံတင်စာချုပ်စာတမ်းများ၊ တရား ရုံးဒီကရီများဖြင့် (၁၄)ရက်အတွင်း ကန့်ကွက်နိုင်ပါသည်။
ဌာနမှူး၊ မြို့ပြမြေစီမံခန့်ခွဲမှုဌာန၊ မန္တလေးမြို့တော်စည်ပင်သာယာရေးကော်မတီ။
